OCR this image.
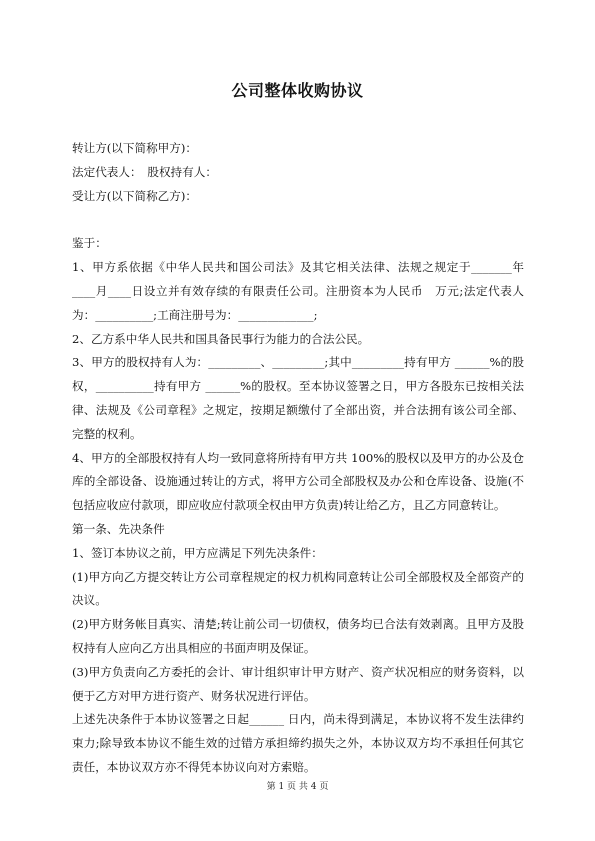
公司整体收购协议

转让方(以下简称甲方)：

法定代表人：　股权持有人：

受让方(以下简称乙方)：

鉴于：

1、甲方系依据《中华人民共和国公司法》及其它相关法律、法规之规定于_______年____月____日设立并有效存续的有限责任公司。注册资本为人民币　万元;法定代表人为：__________;工商注册号为：_____________;

2、乙方系中华人民共和国具备民事行为能力的合法公民。

3、甲方的股权持有人为：_________、_________;其中_________持有甲方 ______%的股权，__________持有甲方 ______%的股权。至本协议签署之日，甲方各股东已按相关法律、法规及《公司章程》之规定，按期足额缴付了全部出资，并合法拥有该公司全部、完整的权利。

4、甲方的全部股权持有人均一致同意将所持有甲方共 100%的股权以及甲方的办公及仓库的全部设备、设施通过转让的方式，将甲方公司全部股权及办公和仓库设备、设施(不包括应收应付款项，即应收应付款项全权由甲方负责)转让给乙方，且乙方同意转让。

第一条、先决条件

1、签订本协议之前，甲方应满足下列先决条件：

(1)甲方向乙方提交转让方公司章程规定的权力机构同意转让公司全部股权及全部资产的决议。

(2)甲方财务帐目真实、清楚;转让前公司一切债权，债务均已合法有效剥离。且甲方及股权持有人应向乙方出具相应的书面声明及保证。

(3)甲方负责向乙方委托的会计、审计组织审计甲方财产、资产状况相应的财务资料，以便于乙方对甲方进行资产、财务状况进行评估。

上述先决条件于本协议签署之日起______ 日内，尚未得到满足，本协议将不发生法律约束力;除导致本协议不能生效的过错方承担缔约损失之外，本协议双方均不承担任何其它责任，本协议双方亦不得凭本协议向对方索赔。

第 1 页 共 4 页
